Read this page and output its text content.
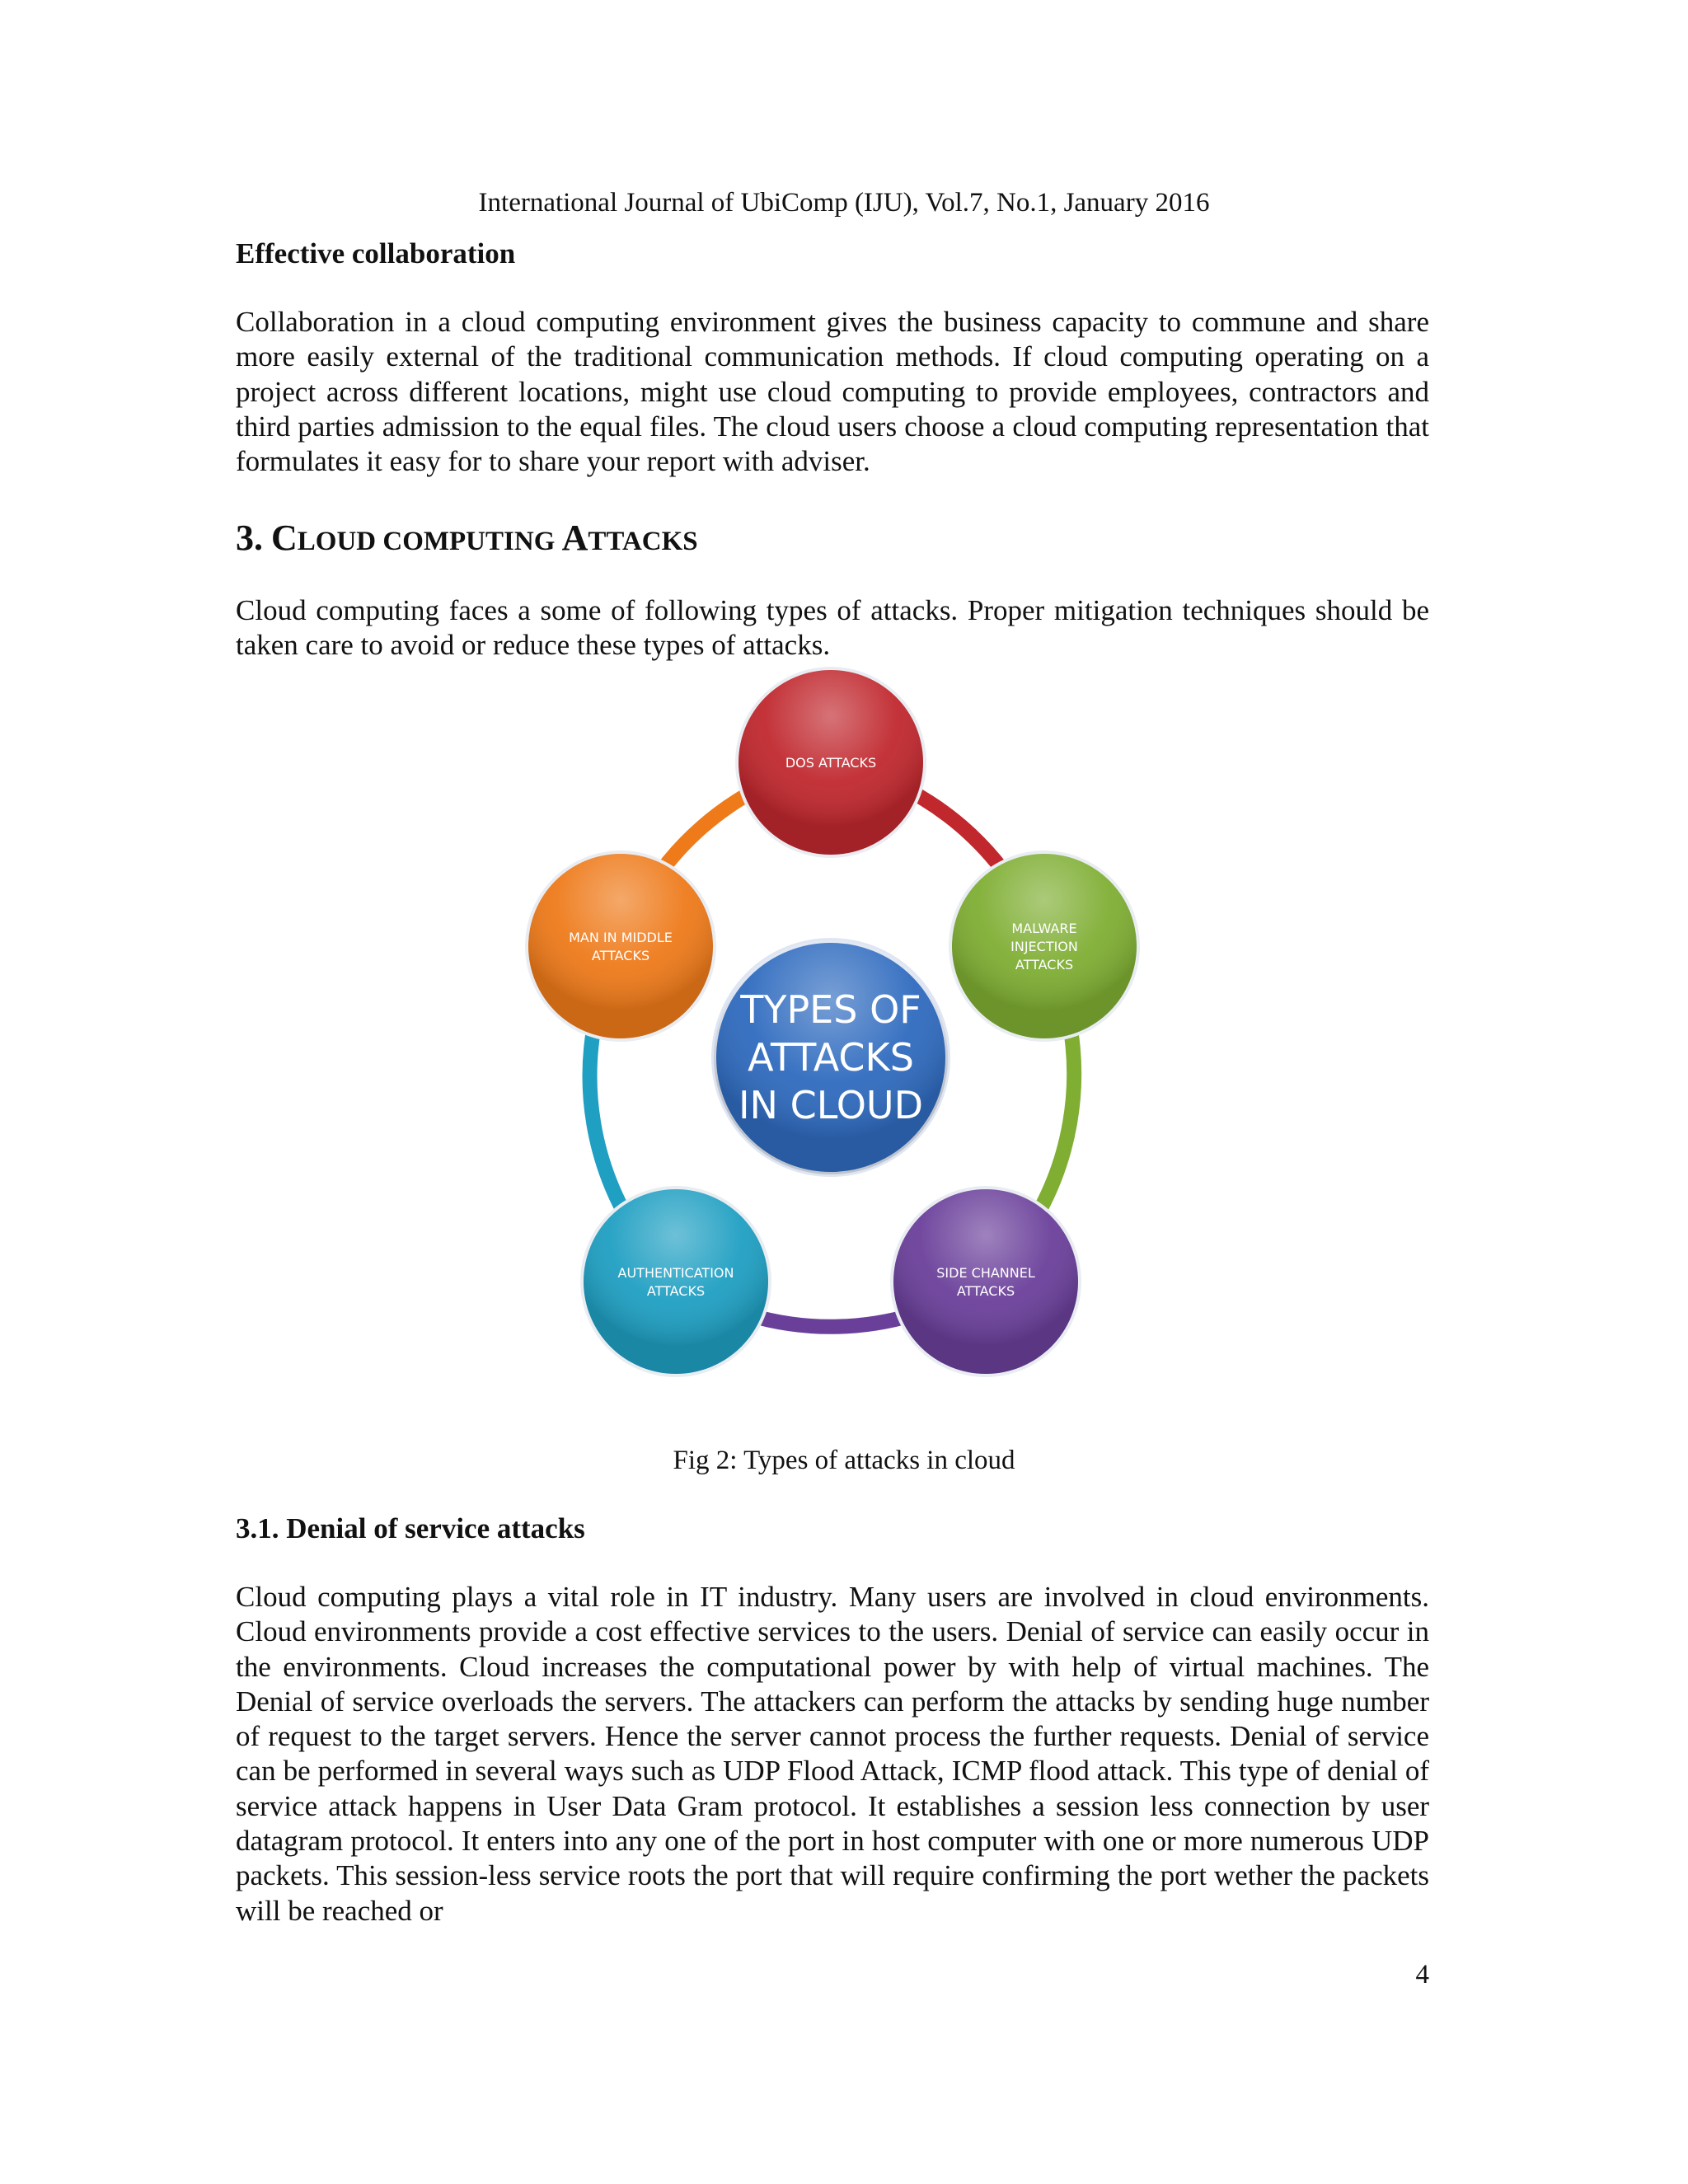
International Journal of UbiComp (IJU), Vol.7, No.1, January 2016
Effective collaboration

Collaboration in a cloud computing environment gives the business capacity to commune and share more easily external of the traditional communication methods. If cloud computing operating on a project across different locations, might use cloud computing to provide employees, contractors and third parties admission to the equal files. The cloud users choose a cloud computing representation that formulates it easy for to share your report with adviser.

3. CLOUD COMPUTING ATTACKS

Cloud computing faces a some of following types of attacks. Proper mitigation techniques should be taken care to avoid or reduce these types of attacks.

TYPES OF ATTACKS IN CLOUD
DOS ATTACKS
MALWARE INJECTION ATTACKS
SIDE CHANNEL ATTACKS
AUTHENTICATION ATTACKS
MAN IN MIDDLE ATTACKS
Fig 2: Types of attacks in cloud
3.1. Denial of service attacks

Cloud computing plays a vital role in IT industry. Many users are involved in cloud environments. Cloud environments provide a cost effective services to the users. Denial of service can easily occur in the environments. Cloud increases the computational power by with help of virtual machines. The Denial of service overloads the servers. The attackers can perform the attacks by sending huge number of request to the target servers. Hence the server cannot process the further requests. Denial of service can be performed in several ways such as UDP Flood Attack, ICMP flood attack. This type of denial of service attack happens in User Data Gram protocol. It establishes a session less connection by user datagram protocol. It enters into any one of the port in host computer with one or more numerous UDP packets. This session-less service roots the port that will require confirming the port wether the packets will be reached or

4
